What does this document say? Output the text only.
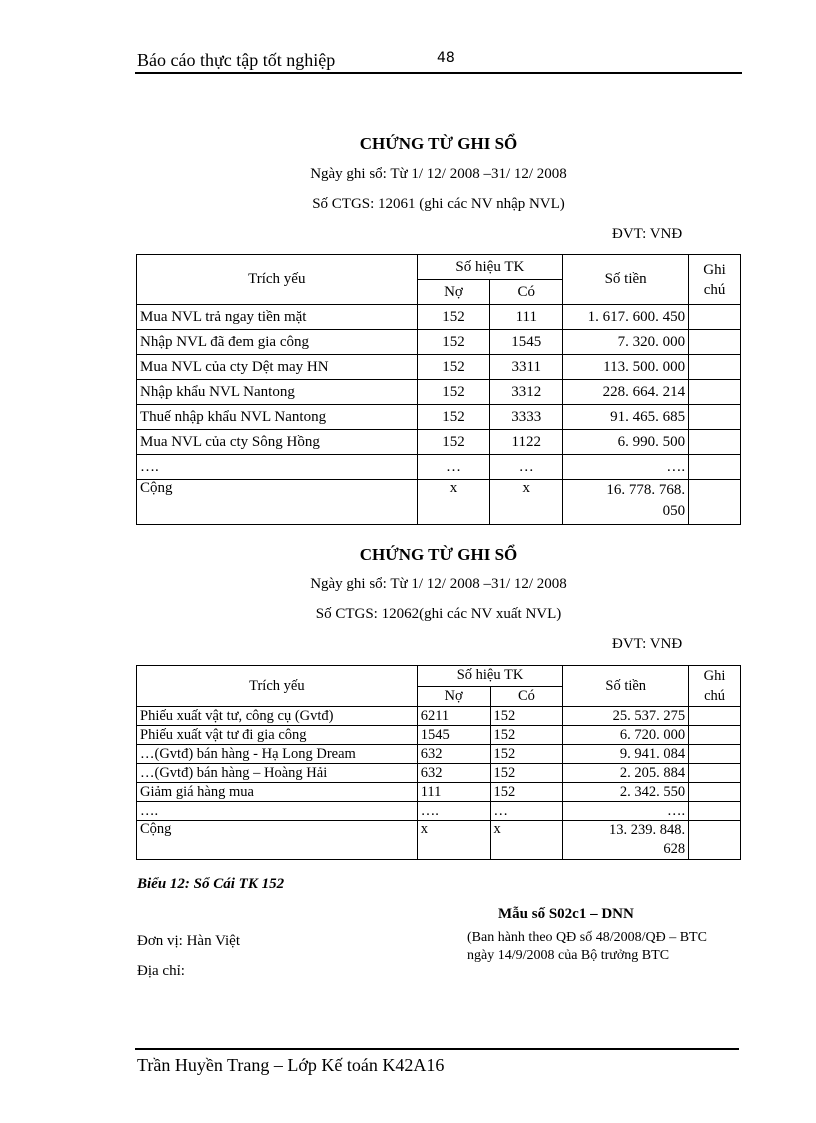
Báo cáo thực tập tốt nghiệp	48
CHỨNG TỪ GHI SỔ
Ngày ghi sổ: Từ 1/ 12/ 2008 –31/ 12/ 2008
Số CTGS: 12061 (ghi các NV nhập NVL)
ĐVT: VNĐ
Trích yếu	Số hiệu TK		Số tiền	Ghi chú
	Nợ	Có		
Mua NVL trả ngay tiền mặt	152	111	1. 617. 600. 450	
Nhập NVL đã đem gia công	152	1545	7. 320. 000	
Mua NVL của cty Dệt may HN	152	3311	113. 500. 000	
Nhập khẩu NVL Nantong	152	3312	228. 664. 214	
Thuế nhập khẩu NVL Nantong	152	3333	91. 465. 685	
Mua NVL của cty Sông Hồng	152	1122	6. 990. 500	
….	…	…	….	
Cộng	x	x	16. 778. 768.
050	

CHỨNG TỪ GHI SỔ
Ngày ghi sổ: Từ 1/ 12/ 2008 –31/ 12/ 2008
Số CTGS: 12062(ghi các NV xuất NVL)
ĐVT: VNĐ
Trích yếu	Số hiệu TK		Số tiền	Ghi chú
	Nợ	Có		
Phiếu xuất vật tư, công cụ (Gvtđ)	6211	152	25. 537. 275	
Phiếu xuất vật tư đi gia công	1545	152	6. 720. 000	
…(Gvtđ) bán hàng - Hạ Long Dream	632	152	9. 941. 084	
…(Gvtđ) bán hàng – Hoàng Hải	632	152	2. 205. 884	
Giảm giá hàng mua	111	152	2. 342. 550	
….	….	…	….	
Cộng	x	x	13. 239. 848.
628	

Biểu 12: Sổ Cái TK 152
Mẫu số S02c1 – DNN
(Ban hành theo QĐ số 48/2008/QĐ – BTC
ngày 14/9/2008 của Bộ trưởng BTC
Đơn vị: Hàn Việt
Địa chỉ:
Trần Huyền Trang – Lớp Kế toán K42A16
